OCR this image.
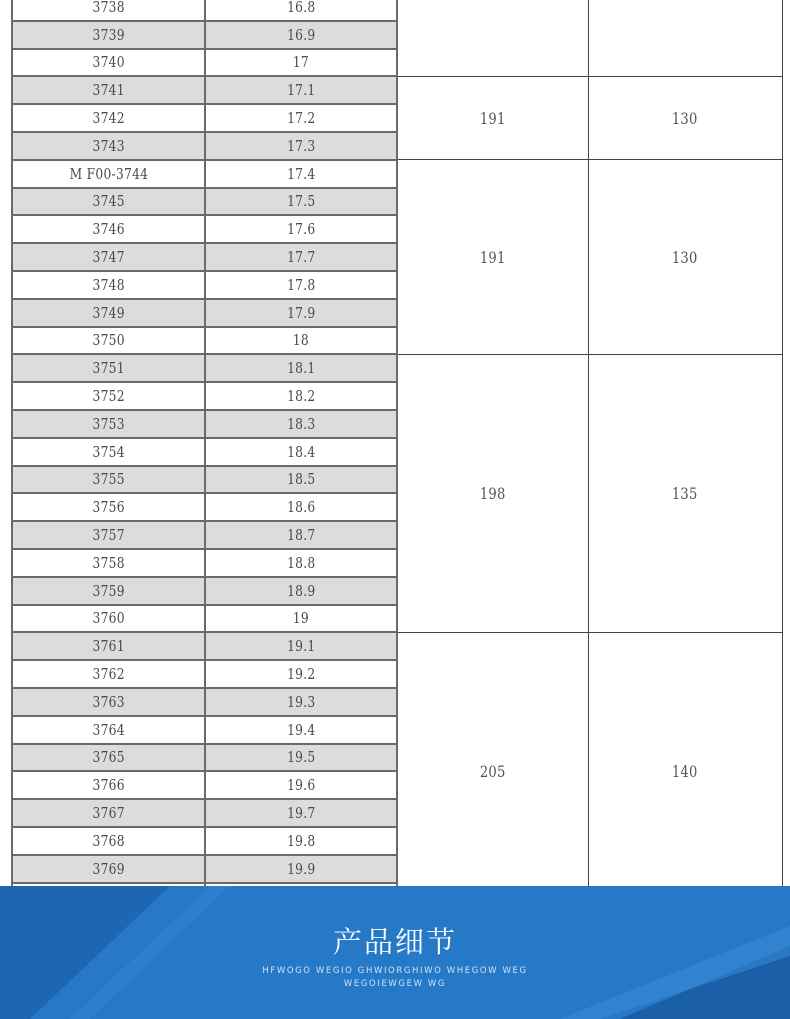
3738	16.8		
3739	16.9		
3740	17		
3741	17.1	191	130
3742	17.2		
3743	17.3		
M F00-3744	17.4	191	130
3745	17.5		
3746	17.6		
3747	17.7		
3748	17.8		
3749	17.9		
3750	18		
3751	18.1	198	135
3752	18.2		
3753	18.3		
3754	18.4		
3755	18.5		
3756	18.6		
3757	18.7		
3758	18.8		
3759	18.9		
3760	19		
3761	19.1	205	140
3762	19.2		
3763	19.3		
3764	19.4		
3765	19.5		
3766	19.6		
3767	19.7		
3768	19.8		
3769	19.9		

产品细节
HFWOGO WEGIO GHWIORGHIWO WHEGOW WEG
WEGOIEWGEW WG
